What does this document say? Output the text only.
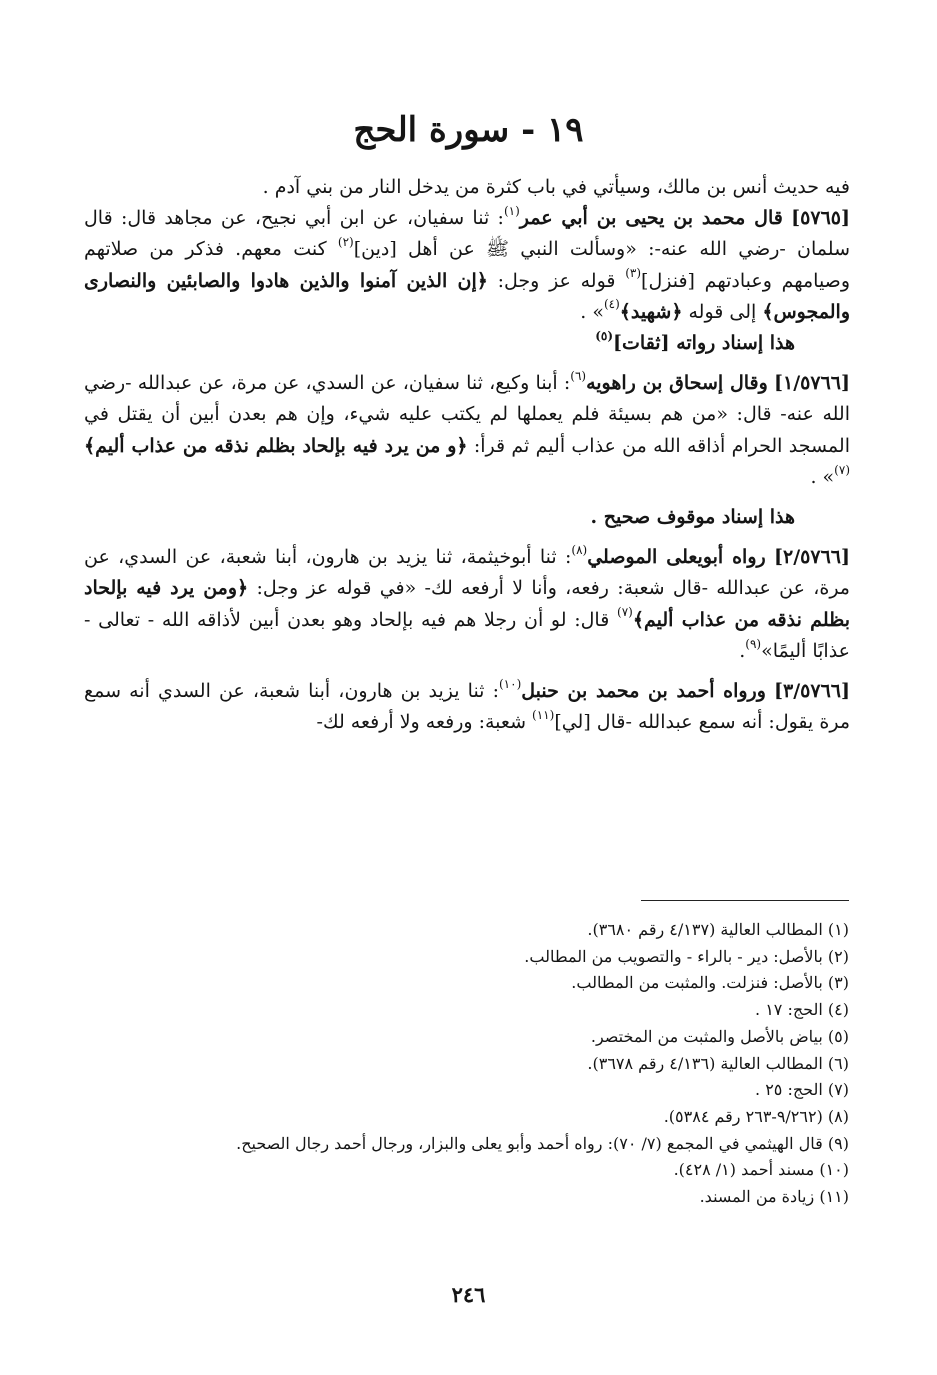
١٩ - سورة الحج

فيه حديث أنس بن مالك، وسيأتي في باب كثرة من يدخل النار من بني آدم .

[٥٧٦٥] قال محمد بن يحيى بن أبي عمر$^{(١)}$: ثنا سفيان، عن ابن أبي نجيح، عن مجاهد قال: قال سلمان -رضي الله عنه-: «وسألت النبي ﷺ عن أهل [دين]$^{(٢)}$ كنت معهم. فذكر من صلاتهم وصيامهم وعبادتهم [فنزل]$^{(٣)}$ قوله عز وجل: ﴿إن الذين آمنوا والذين هادوا والصابئين والنصارى والمجوس﴾ إلى قوله ﴿شهيد﴾$^{(٤)}$» .

هذا إسناد رواته [ثقات]$^{(٥)}$

[١/٥٧٦٦] وقال إسحاق بن راهويه$^{(٦)}$: أبنا وكيع، ثنا سفيان، عن السدي، عن مرة، عن عبدالله -رضي الله عنه- قال: «من هم بسيئة فلم يعملها لم يكتب عليه شيء، وإن هم بعدن أبين أن يقتل في المسجد الحرام أذاقه الله من عذاب أليم ثم قرأ: ﴿و من يرد فيه بإلحاد بظلم نذقه من عذاب أليم﴾$^{(٧)}$» .

هذا إسناد موقوف صحيح .

[٢/٥٧٦٦] رواه أبويعلى الموصلي$^{(٨)}$: ثنا أبوخيثمة، ثنا يزيد بن هارون، أبنا شعبة، عن السدي، عن مرة، عن عبدالله -قال شعبة: رفعه، وأنا لا أرفعه لك- «في قوله عز وجل: ﴿ومن يرد فيه بإلحاد بظلم نذقه من عذاب أليم﴾$^{(٧)}$ قال: لو أن رجلا هم فيه بإلحاد وهو بعدن أبين لأذاقه الله - تعالى - عذابًا أليمًا»$^{(٩)}$.

[٣/٥٧٦٦] ورواه أحمد بن محمد بن حنبل$^{(١٠)}$: ثنا يزيد بن هارون، أبنا شعبة، عن السدي أنه سمع مرة يقول: أنه سمع عبدالله -قال [لي]$^{(١١)}$ شعبة: ورفعه ولا أرفعه لك-

(١) المطالب العالية (٤/١٣٧ رقم ٣٦٨٠).
(٢) بالأصل: دير - بالراء - والتصويب من المطالب.
(٣) بالأصل: فنزلت. والمثبت من المطالب.
(٤) الحج: ١٧ .
(٥) بياض بالأصل والمثبت من المختصر.
(٦) المطالب العالية (٤/١٣٦ رقم ٣٦٧٨).
(٧) الحج: ٢٥ .
(٨) (٩/٢٦٢-٢٦٣ رقم ٥٣٨٤).
(٩) قال الهيثمي في المجمع (٧/ ٧٠): رواه أحمد وأبو يعلى والبزار، ورجال أحمد رجال الصحيح.
(١٠) مسند أحمد (١/ ٤٢٨).
(١١) زيادة من المسند.
٢٤٦
